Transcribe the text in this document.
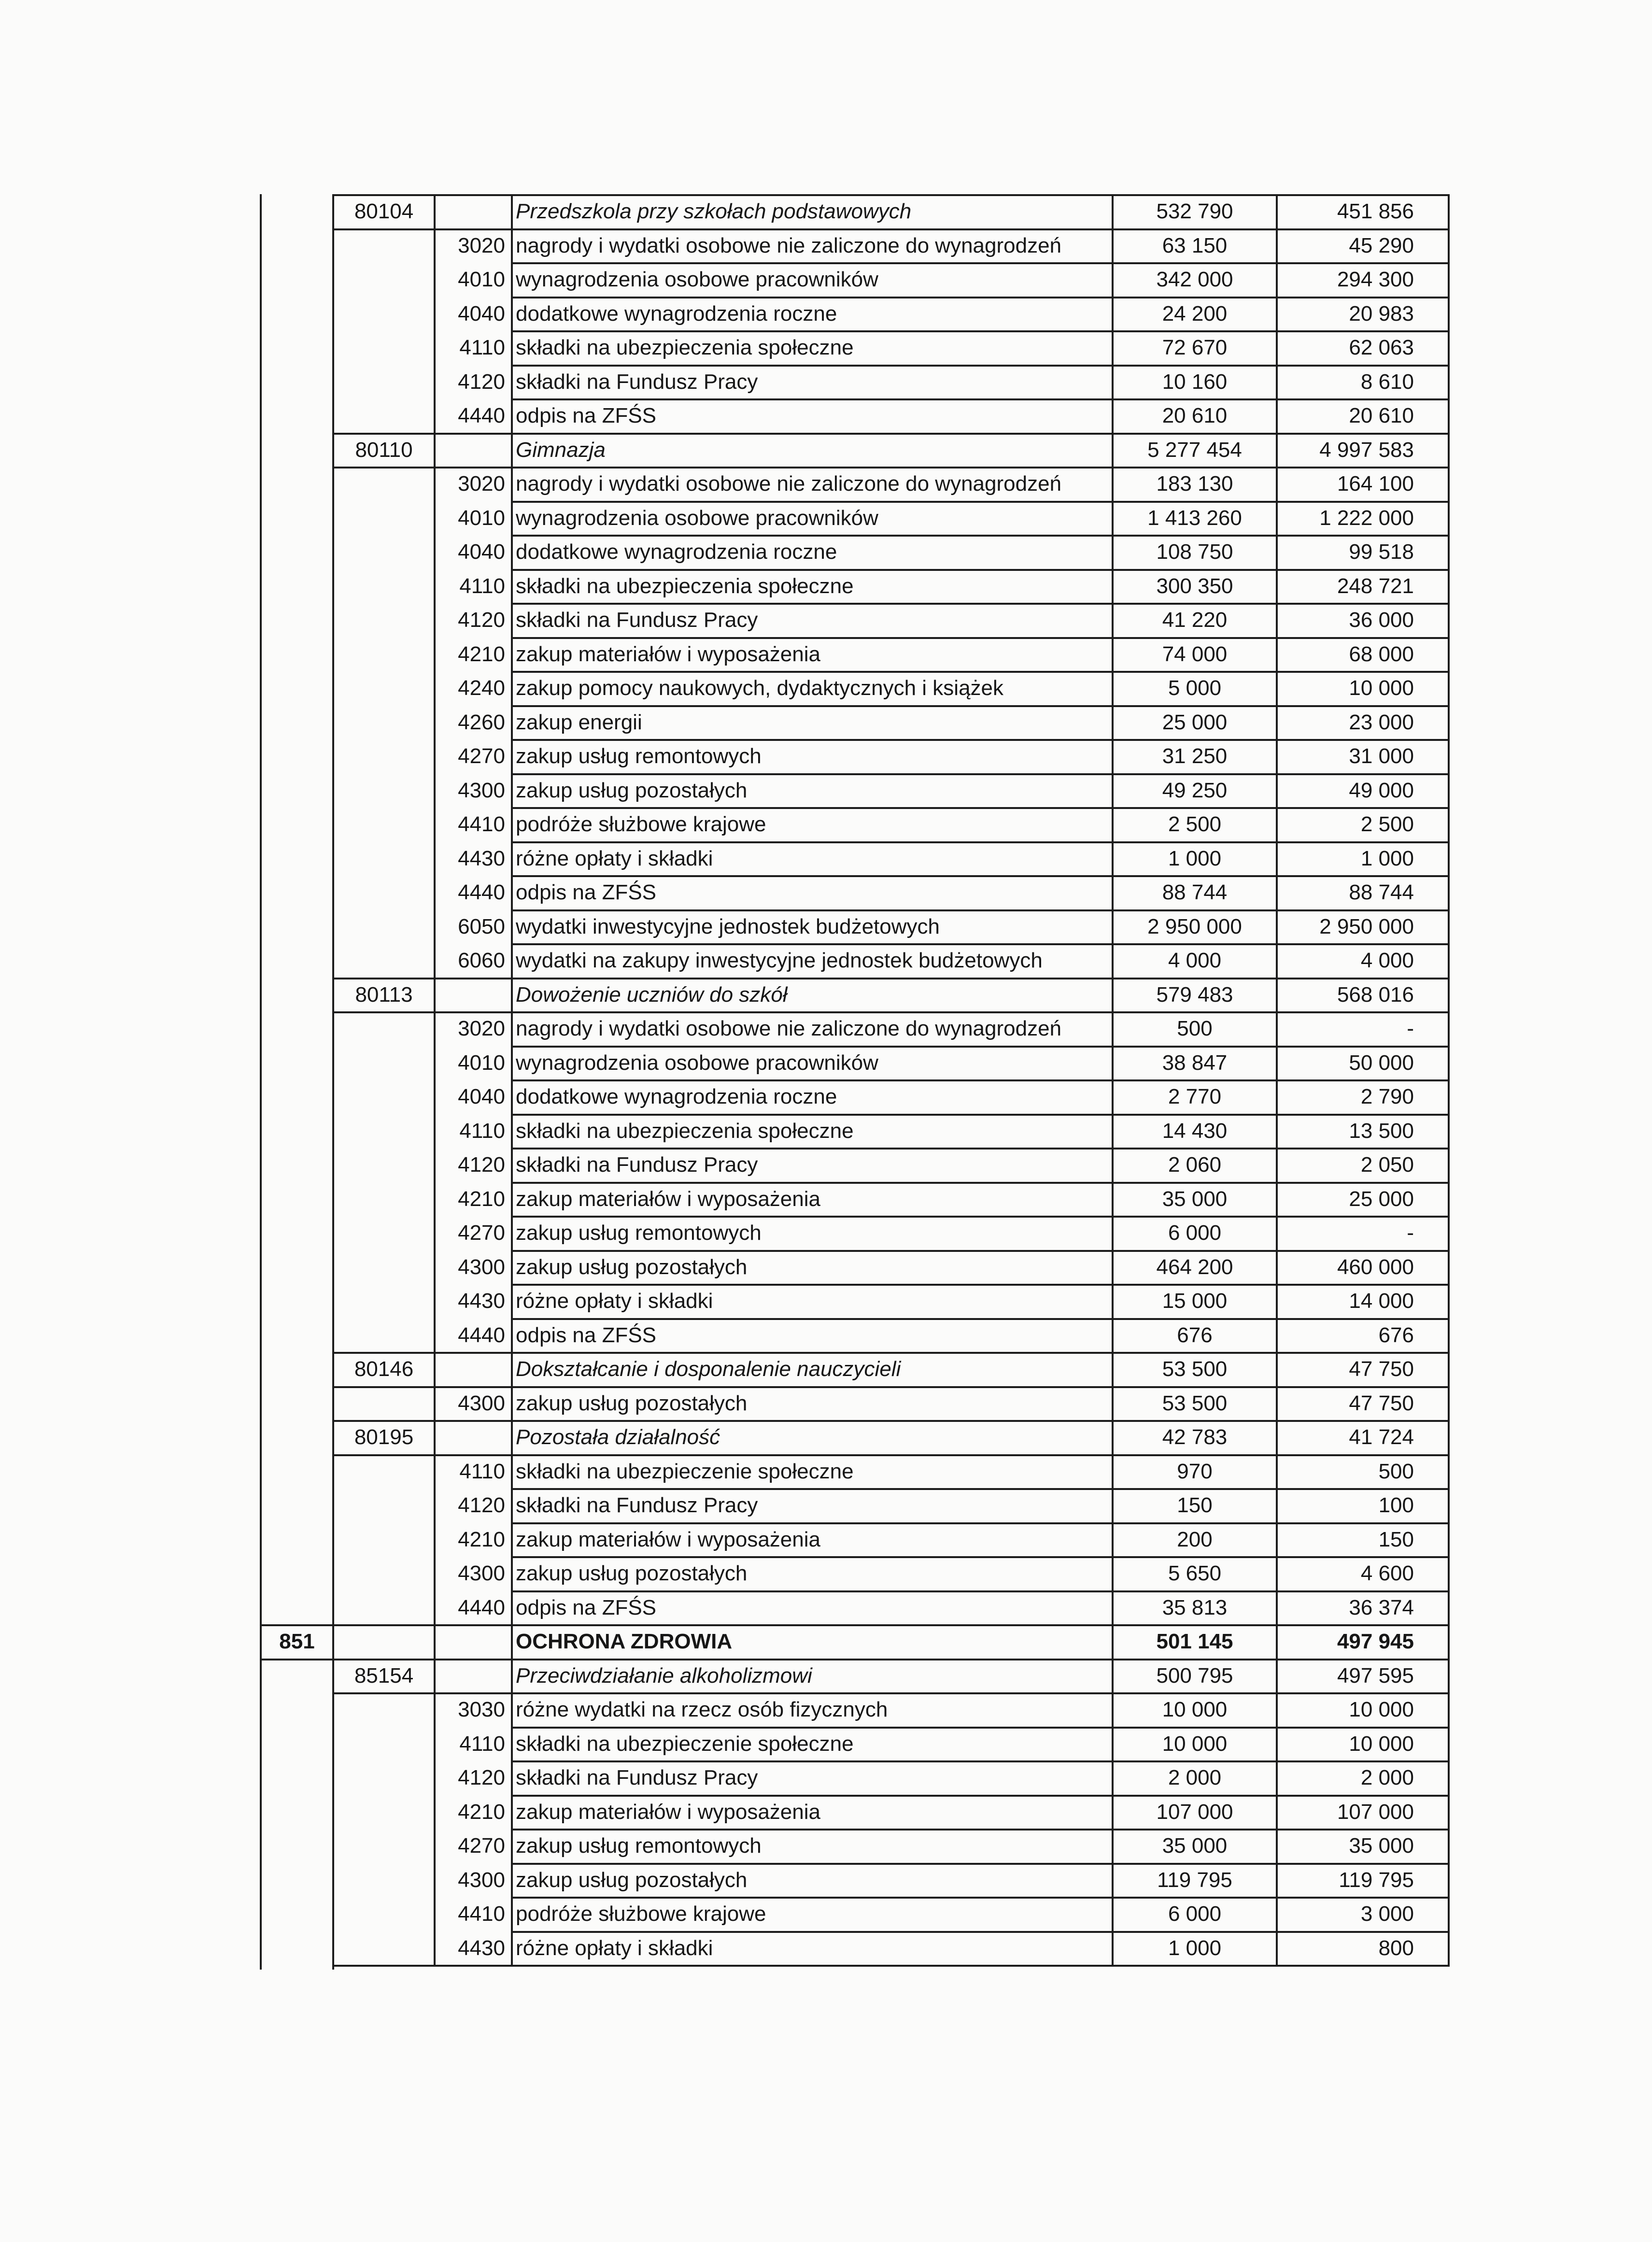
80104	Przedszkola przy szkołach podstawowych	532 790	451 856
3020 nagrody i wydatki osobowe nie zaliczone do wynagrodzeń	63 150	45 290
4010 wynagrodzenia osobowe pracowników	342 000	294 300
4040 dodatkowe wynagrodzenia roczne	24 200	20 983
4110 składki na ubezpieczenia społeczne	72 670	62 063
4120 składki na Fundusz Pracy	10 160	8 610
4440 odpis na ZFŚS	20 610	20 610
80110	Gimnazja	5 277 454	4 997 583
3020 nagrody i wydatki osobowe nie zaliczone do wynagrodzeń	183 130	164 100
4010 wynagrodzenia osobowe pracowników	1 413 260	1 222 000
4040 dodatkowe wynagrodzenia roczne	108 750	99 518
4110 składki na ubezpieczenia społeczne	300 350	248 721
4120 składki na Fundusz Pracy	41 220	36 000
4210 zakup materiałów i wyposażenia	74 000	68 000
4240 zakup pomocy naukowych, dydaktycznych i książek	5 000	10 000
4260 zakup energii	25 000	23 000
4270 zakup usług remontowych	31 250	31 000
4300 zakup usług pozostałych	49 250	49 000
4410 podróże służbowe krajowe	2 500	2 500
4430 różne opłaty i składki	1 000	1 000
4440 odpis na ZFŚS	88 744	88 744
6050 wydatki inwestycyjne jednostek budżetowych	2 950 000	2 950 000
6060 wydatki na zakupy inwestycyjne jednostek budżetowych	4 000	4 000
80113	Dowożenie uczniów do szkół	579 483	568 016
3020 nagrody i wydatki osobowe nie zaliczone do wynagrodzeń	500	-
4010 wynagrodzenia osobowe pracowników	38 847	50 000
4040 dodatkowe wynagrodzenia roczne	2 770	2 790
4110 składki na ubezpieczenia społeczne	14 430	13 500
4120 składki na Fundusz Pracy	2 060	2 050
4210 zakup materiałów i wyposażenia	35 000	25 000
4270 zakup usług remontowych	6 000	-
4300 zakup usług pozostałych	464 200	460 000
4430 różne opłaty i składki	15 000	14 000
4440 odpis na ZFŚS	676	676
80146	Dokształcanie i dosponalenie nauczycieli	53 500	47 750
4300 zakup usług pozostałych	53 500	47 750
80195	Pozostała działalność	42 783	41 724
4110 składki na ubezpieczenie społeczne	970	500
4120 składki na Fundusz Pracy	150	100
4210 zakup materiałów i wyposażenia	200	150
4300 zakup usług pozostałych	5 650	4 600
4440 odpis na ZFŚS	35 813	36 374
851	OCHRONA ZDROWIA	501 145	497 945
85154	Przeciwdziałanie alkoholizmowi	500 795	497 595
3030 różne wydatki na rzecz osób fizycznych	10 000	10 000
4110 składki na ubezpieczenie społeczne	10 000	10 000
4120 składki na Fundusz Pracy	2 000	2 000
4210 zakup materiałów i wyposażenia	107 000	107 000
4270 zakup usług remontowych	35 000	35 000
4300 zakup usług pozostałych	119 795	119 795
4410 podróże służbowe krajowe	6 000	3 000
4430 różne opłaty i składki	1 000	800
